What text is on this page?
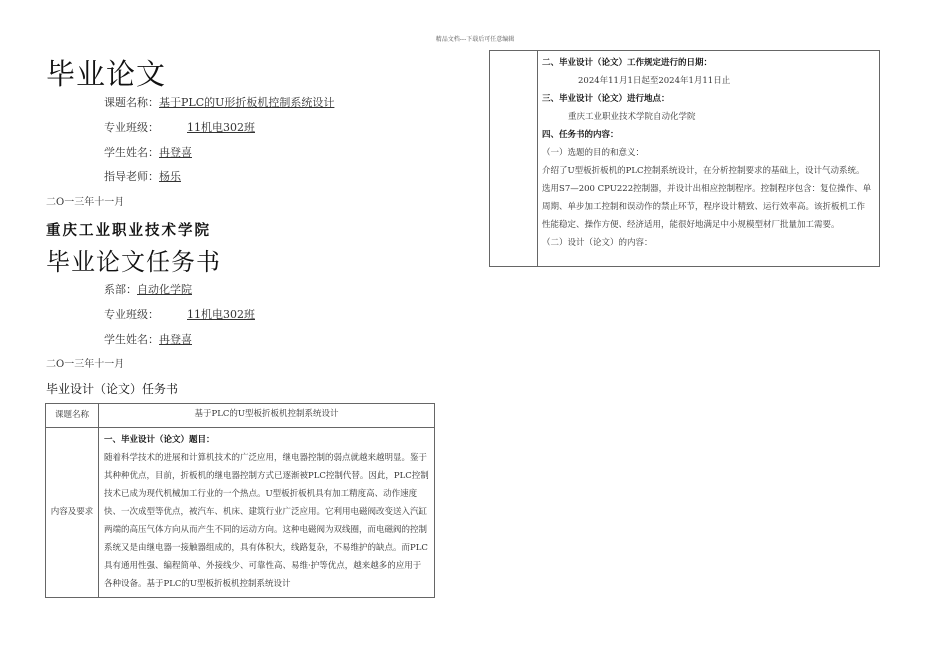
精品文档---下载后可任意编辑
毕业论文
课题名称：基于PLC的U形折板机控制系统设计
专业班级：	11机电302班
学生姓名：冉登喜
指导老师：杨乐
二O一三年十一月
重庆工业职业技术学院
毕业论文任务书
系部：自动化学院
专业班级：	11机电302班
学生姓名：冉登喜
二O一三年十一月
毕业设计（论文）任务书
课题名称	基于PLC的U型板折板机控制系统设计
内容及要求	一、毕业设计（论文）题目：
随着科学技术的进展和计算机技术的广泛应用，继电器控制的弱点就越来越明显。鉴于其种种优点，目前，折板机的继电器控制方式已逐渐被PLC控制代替。因此，PLC控制技术已成为现代机械加工行业的一个热点。U型板折板机具有加工精度高、动作速度快、一次成型等优点，被汽车、机床、建筑行业广泛应用。它利用电磁阀改变送入汽缸两端的高压气体方向从而产生不同的运动方向。这种电磁阀为双线圈，而电磁阀的控制系统又是由继电器一接触器组成的，具有体积大，线路复杂，不易维护的缺点。而PLC具有通用性强、编程简单、外接线少、可靠性高、易维·护等优点，越来越多的应用于各种设备。基于PLC的U型板折板机控制系统设计
二、毕业设计（论文）工作规定进行的日期：
2024年11月1日起至2024年1月11日止
三、毕业设计（论文）进行地点：
重庆工业职业技术学院自动化学院
四、任务书的内容：
（一）选题的目的和意义：
介绍了U型板折板机的PLC控制系统设计，在分析控制要求的基础上，设计气动系统。选用S7—200 CPU222控制器，并设计出相应控制程序。控制程序包含：复位操作、单周期、单步加工控制和误动作的禁止环节，程序设计精致、运行效率高。该折板机工作性能稳定、操作方便、经济适用，能很好地满足中小规模型材厂批量加工需要。
（二）设计（论文）的内容：
